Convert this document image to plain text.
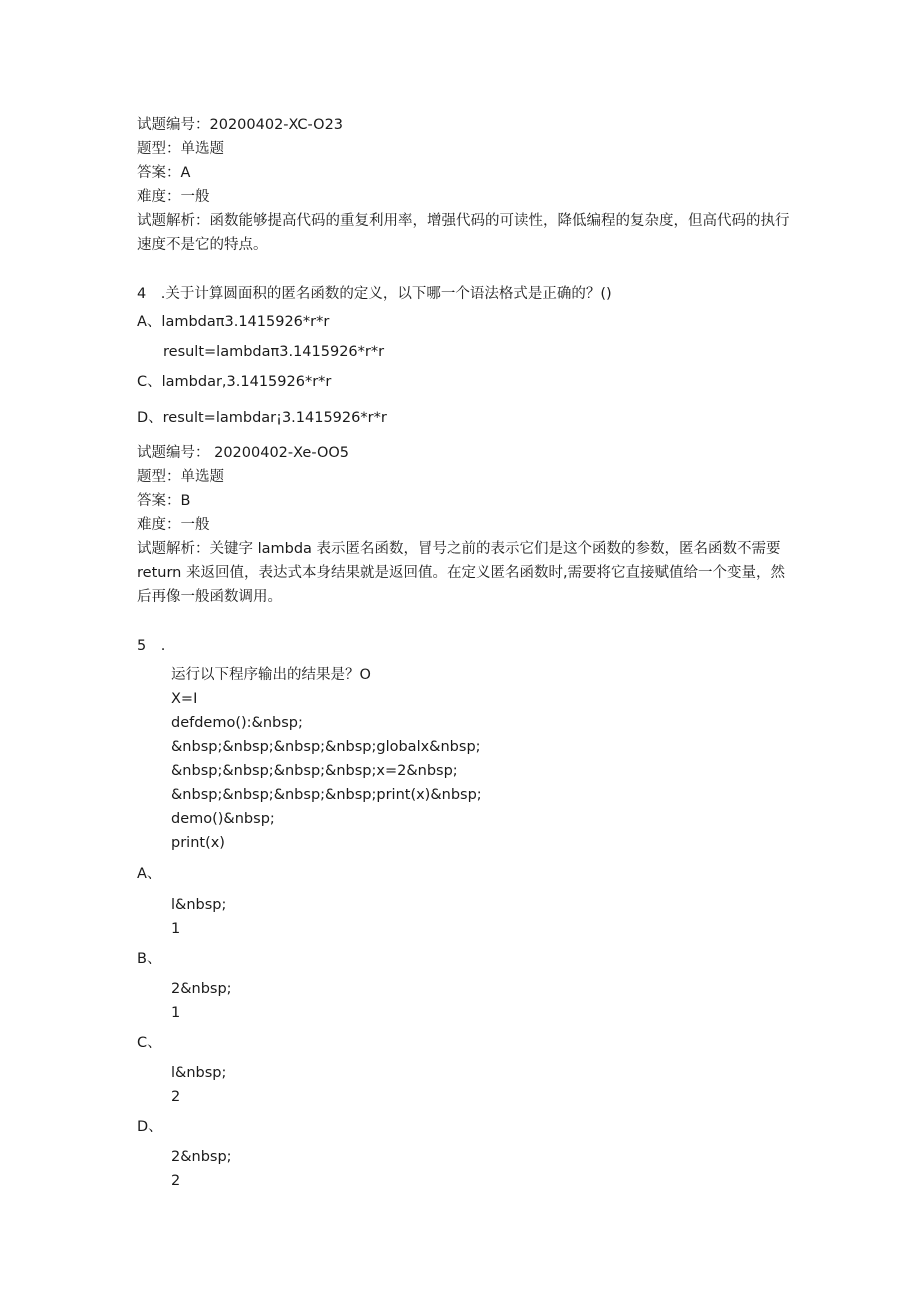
试题编号：20200402-XC-O23
题型：单选题
答案：A
难度：一般
试题解析：函数能够提高代码的重复利用率，增强代码的可读性，降低编程的复杂度，但高代码的执行速度不是它的特点。
4　.关于计算圆面积的匿名函数的定义，以下哪一个语法格式是正确的？()
A、lambdaπ3.1415926*r*r
result=lambdaπ3.1415926*r*r
C、lambdar,3.1415926*r*r
D、result=lambdar¡3.1415926*r*r
试题编号： 20200402-Xe-OO5
题型：单选题
答案：B
难度：一般
试题解析：关键字 lambda 表示匿名函数，冒号之前的表示它们是这个函数的参数，匿名函数不需要 return 来返回值，表达式本身结果就是返回值。在定义匿名函数时,需要将它直接赋值给一个变量，然后再像一般函数调用。
5　.
运行以下程序输出的结果是？O
X=I
defdemo():&nbsp;
&nbsp;&nbsp;&nbsp;&nbsp;globalx&nbsp;
&nbsp;&nbsp;&nbsp;&nbsp;x=2&nbsp;
&nbsp;&nbsp;&nbsp;&nbsp;print(x)&nbsp;
demo()&nbsp;
print(x)
A、
l&nbsp;
1
B、
2&nbsp;
1
C、
l&nbsp;
2
D、
2&nbsp;
2
